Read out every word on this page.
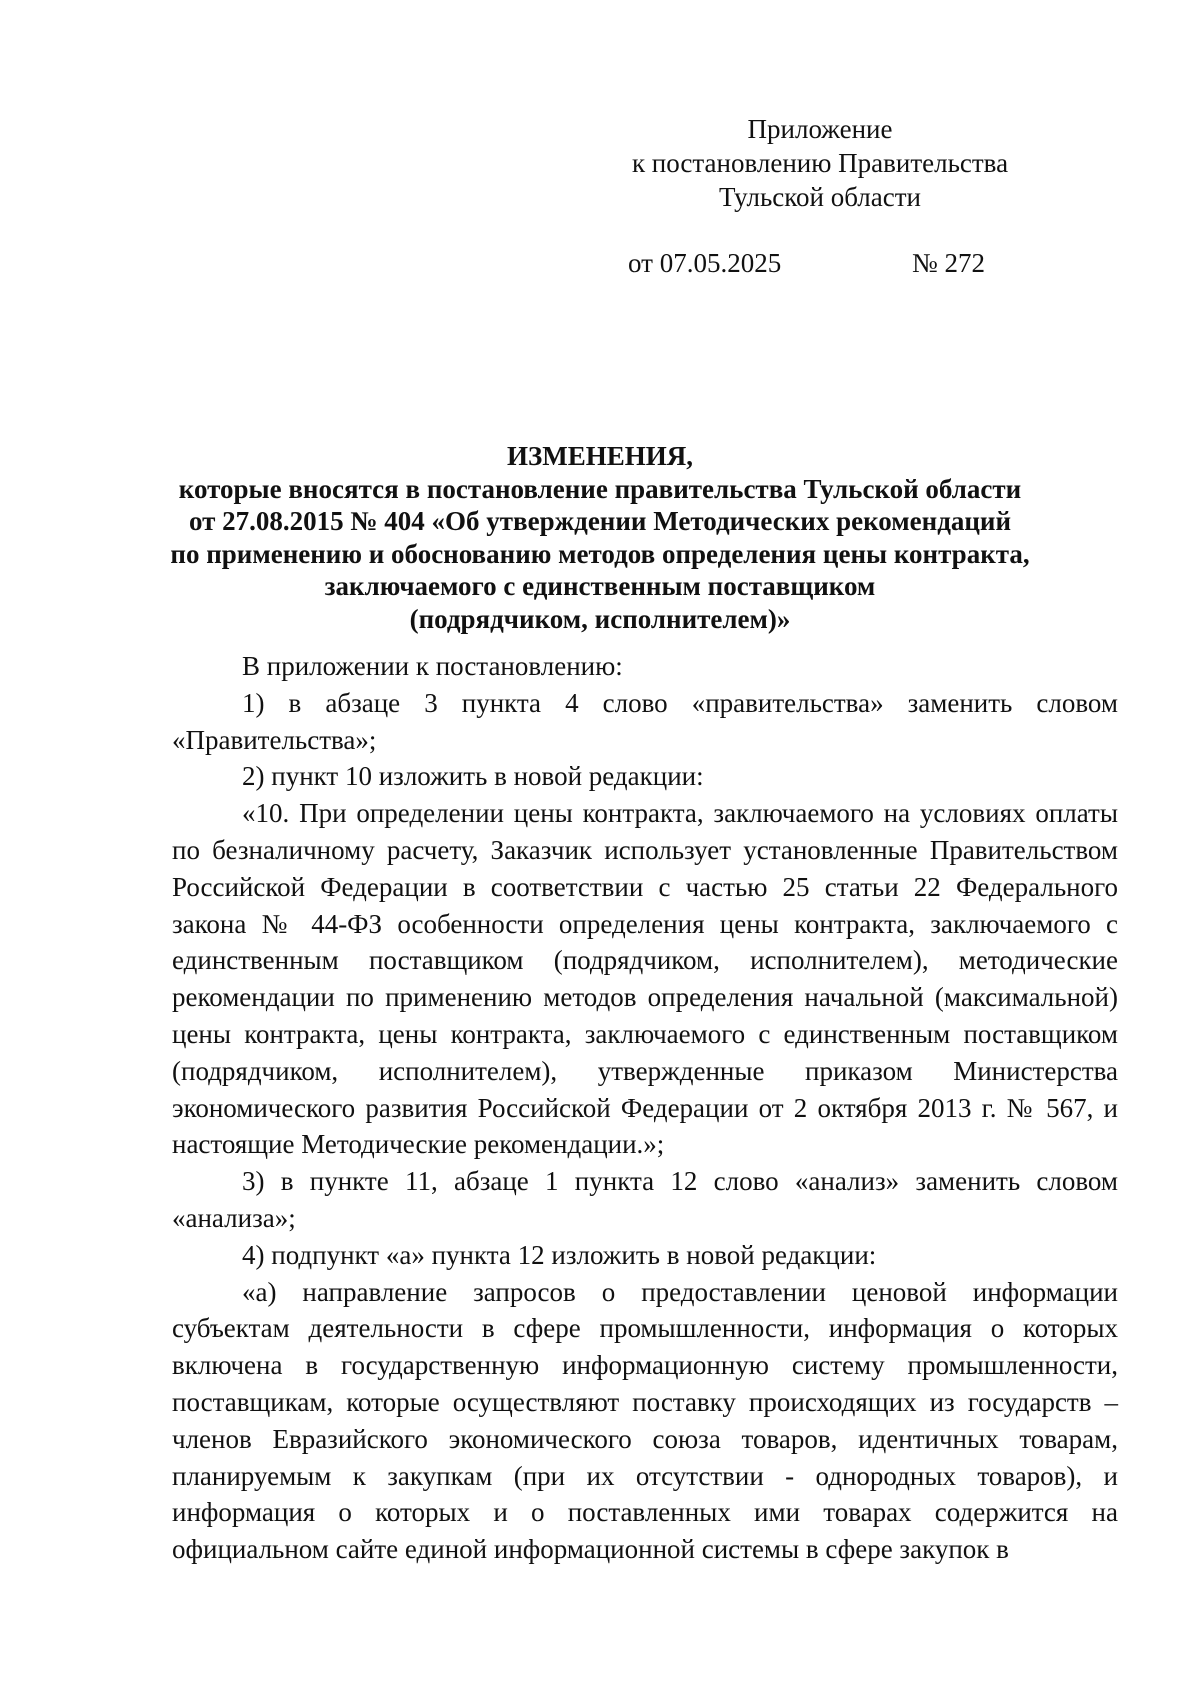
Приложение
к постановлению Правительства
Тульской области
от 07.05.2025	№ 272
ИЗМЕНЕНИЯ,
которые вносятся в постановление правительства Тульской области
от 27.08.2015 № 404 «Об утверждении Методических рекомендаций
по применению и обоснованию методов определения цены контракта,
заключаемого с единственным поставщиком
(подрядчиком, исполнителем)»

В приложении к постановлению:

1) в абзаце 3 пункта 4 слово «правительства» заменить словом «Правительства»;

2) пункт 10 изложить в новой редакции:

«10. При определении цены контракта, заключаемого на условиях оплаты по безналичному расчету, Заказчик использует установленные Правительством Российской Федерации в соответствии с частью 25 статьи 22 Федерального закона № 44-ФЗ особенности определения цены контракта, заключаемого с единственным поставщиком (подрядчиком, исполнителем), методические рекомендации по применению методов определения начальной (максимальной) цены контракта, цены контракта, заключаемого с единственным поставщиком (подрядчиком, исполнителем), утвержденные приказом Министерства экономического развития Российской Федерации от 2 октября 2013 г. № 567, и настоящие Методические рекомендации.»;

3) в пункте 11, абзаце 1 пункта 12 слово «анализ» заменить словом «анализа»;

4) подпункт «а» пункта 12 изложить в новой редакции:

«а) направление запросов о предоставлении ценовой информации субъектам деятельности в сфере промышленности, информация о которых включена в государственную информационную систему промышленности, поставщикам, которые осуществляют поставку происходящих из государств – членов Евразийского экономического союза товаров, идентичных товарам, планируемым к закупкам (при их отсутствии - однородных товаров), и информация о которых и о поставленных ими товарах содержится на официальном сайте единой информационной системы в сфере закупок в
